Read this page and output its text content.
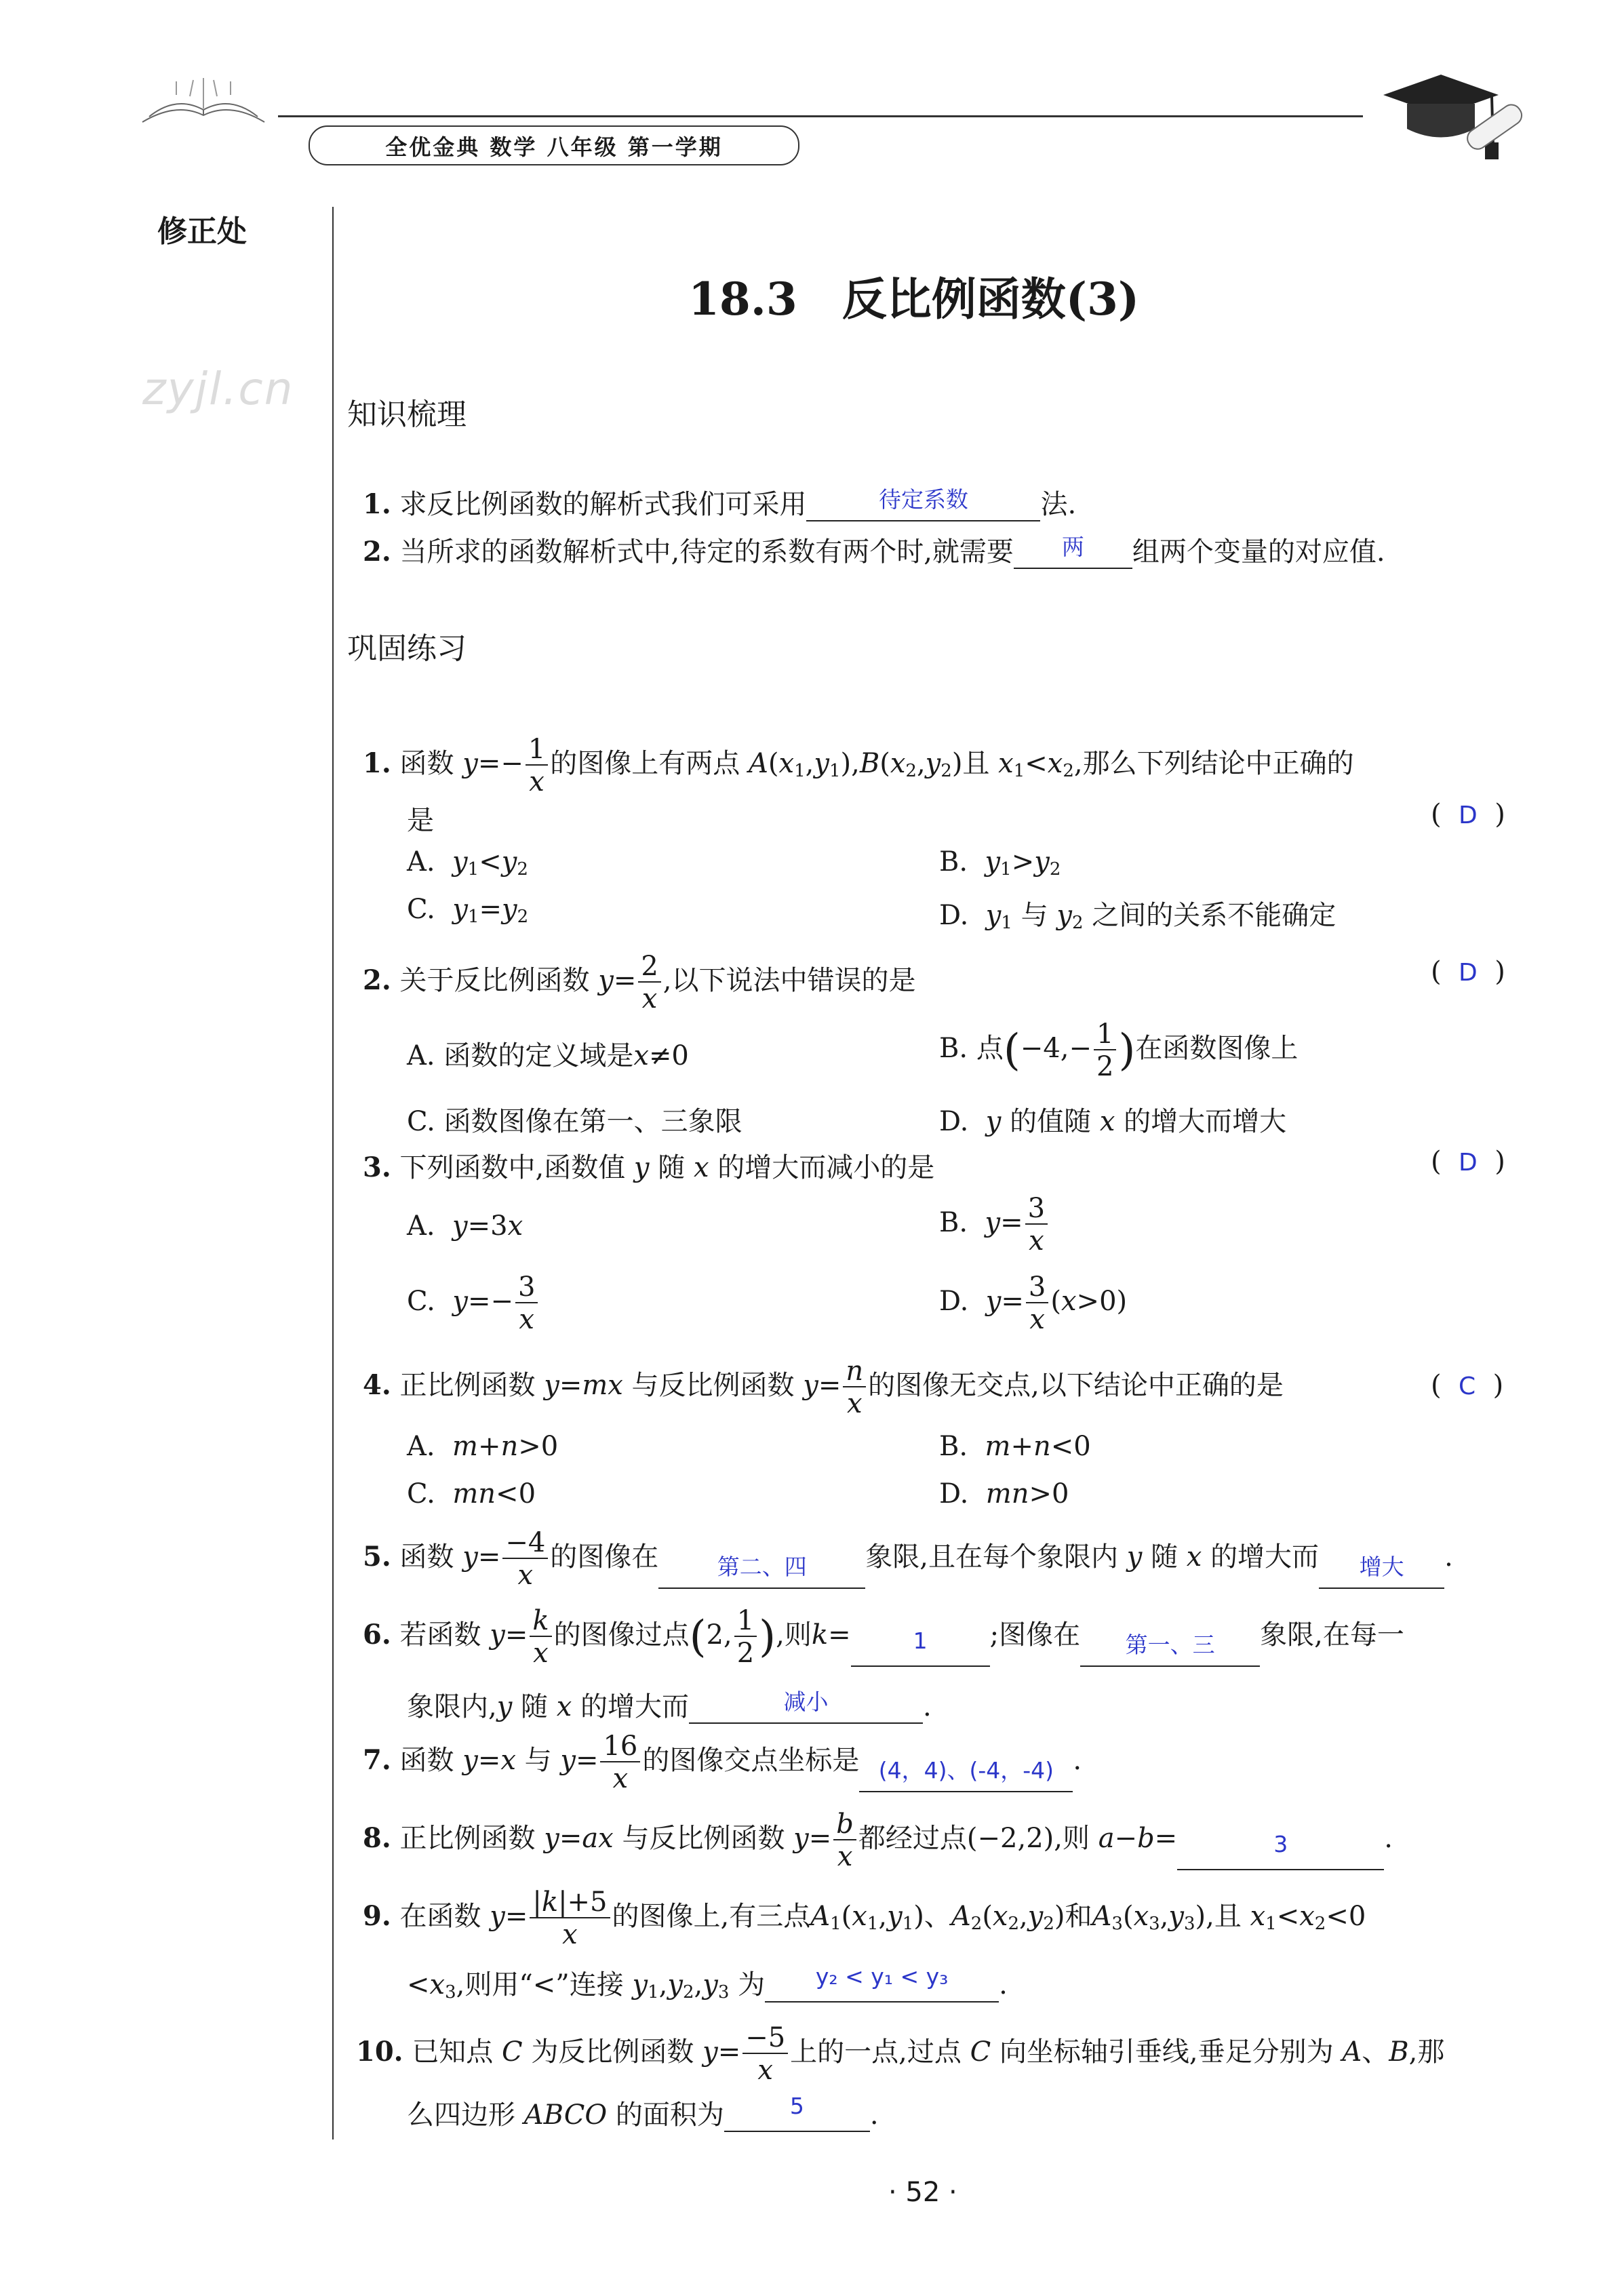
全优金典 数学 八年级 第一学期
修正处
zyjl.cn
18.3　反比例函数(3)
知识梳理
1. 求反比例函数的解析式我们可采用	待定系数	法.
2. 当所求的函数解析式中,待定的系数有两个时,就需要	两	组两个变量的对应值.
巩固练习
1. 函数 $y=- \frac{1}{x}$ 的图像上有两点 $A(x_1,y_1),B(x_2,y_2)$且 $x_1<x_2$,那么下列结论中正确的
是	(  D  )
A. $y_1<y_2$	B. $y_1>y_2$
C. $y_1=y_2$	D. $y_1$ 与 $y_2$ 之间的关系不能确定
2. 关于反比例函数 $y= \frac{2}{x}$ ,以下说法中错误的是	(  D  )
A. 函数的定义域是x≠0	B. 点($-4,- \frac{1}{2}$ )在函数图像上
C. 函数图像在第一、三象限	D. y 的值随 x 的增大而增大
3. 下列函数中,函数值 y 随 x 的增大而减小的是	(  D  )
A. y=3x	B. $y= \frac{3}{x}$
C. $y=- \frac{3}{x}$	D. $y= \frac{3}{x} (x>0)$
4. 正比例函数 y=mx 与反比例函数 $y= \frac{n}{x}$ 的图像无交点,以下结论中正确的是	(  C  )
A. m+n>0	B. m+n<0
C. mn<0	D. mn>0
5. 函数 $y= \frac{-4}{x}$ 的图像在	第二、四	象限,且在每个象限内 y 随 x 的增大而	增大	.
6. 若函数 $y= \frac{k}{x}$ 的图像过点(2, $\frac{1}{2}$ ),则k=	1	;图像在	第一、三	象限,在每一
象限内,y 随 x 的增大而	减小	.
7. 函数 y=x 与 $y= \frac{16}{x}$ 的图像交点坐标是 (4，4)、(-4，-4) .
8. 正比例函数 y=ax 与反比例函数 $y= \frac{b}{x}$ 都经过点(−2,2),则 a−b=	3	.
9. 在函数 $y= \frac{|k|+5}{x}$ 的图像上,有三点$A_1(x_1,y_1)$、$A_2(x_2,y_2)$和$A_3(x_3,y_3)$,且 $x_1<x_2<0$
$<x_3$,则用“<”连接 $y_1,y_2,y_3$ 为	y₂ < y₁ < y₃	.
10. 已知点 C 为反比例函数 $y= \frac{-5}{x}$ 上的一点,过点 C 向坐标轴引垂线,垂足分别为 A、B,那
么四边形 ABCO 的面积为	5	.
· 52 ·
